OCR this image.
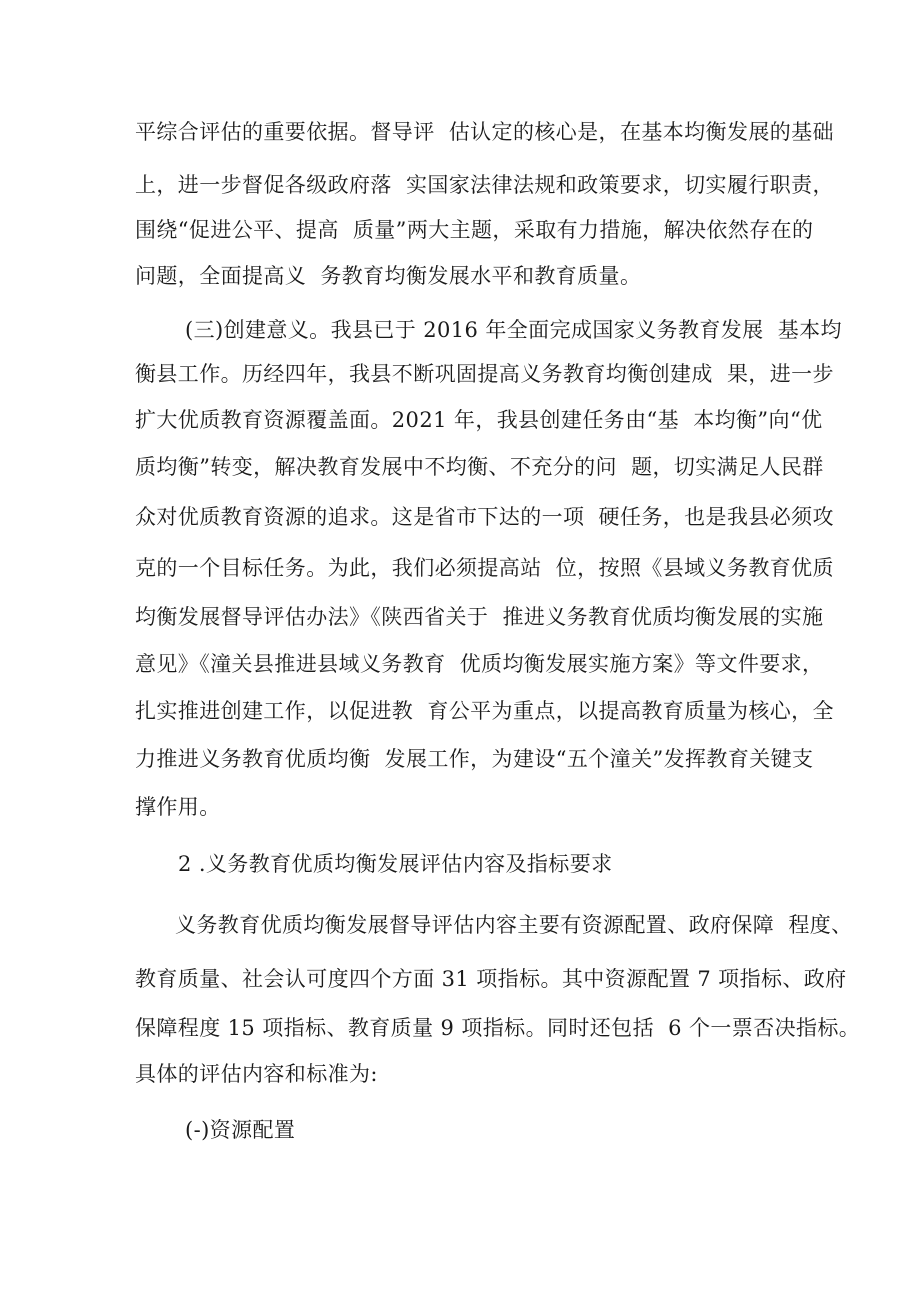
平综合评估的重要依据。督导评  估认定的核心是，在基本均衡发展的基础
上，进一步督促各级政府落  实国家法律法规和政策要求，切实履行职责，
围绕“促进公平、提高  质量”两大主题，采取有力措施，解决依然存在的
问题，全面提高义  务教育均衡发展水平和教育质量。
(三)创建意义。我县已于 2016 年全面完成国家义务教育发展  基本均
衡县工作。历经四年，我县不断巩固提高义务教育均衡创建成  果，进一步
扩大优质教育资源覆盖面。2021 年，我县创建任务由“基  本均衡”向“优
质均衡”转变，解决教育发展中不均衡、不充分的问  题，切实满足人民群
众对优质教育资源的追求。这是省市下达的一项  硬任务，也是我县必须攻
克的一个目标任务。为此，我们必须提高站  位，按照《县域义务教育优质
均衡发展督导评估办法》《陕西省关于  推进义务教育优质均衡发展的实施
意见》《潼关县推进县域义务教育  优质均衡发展实施方案》等文件要求，
扎实推进创建工作，以促进教  育公平为重点，以提高教育质量为核心，全
力推进义务教育优质均衡  发展工作，为建设“五个潼关”发挥教育关键支
撑作用。
2 .义务教育优质均衡发展评估内容及指标要求
义务教育优质均衡发展督导评估内容主要有资源配置、政府保障  程度、
教育质量、社会认可度四个方面 31 项指标。其中资源配置 7 项指标、政府
保障程度 15 项指标、教育质量 9 项指标。同时还包括  6 个一票否决指标。
具体的评估内容和标准为:
(-)资源配置
